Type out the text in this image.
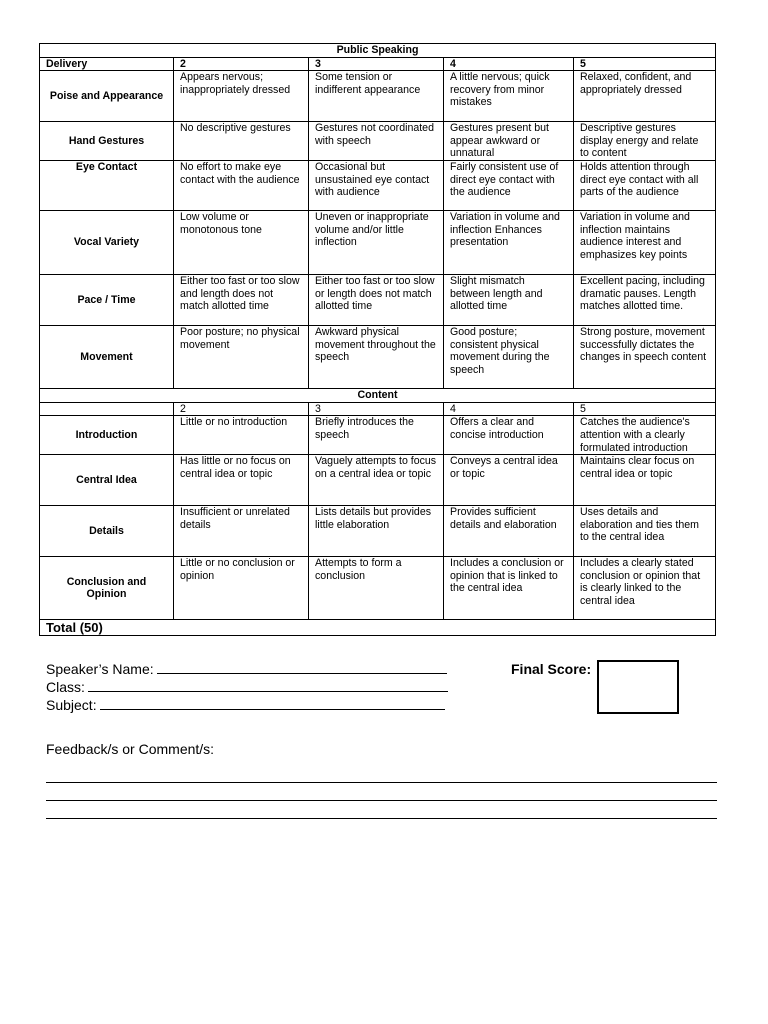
Public Speaking				
Delivery	2	3	4	5
Poise and Appearance	Appears nervous; inappropriately dressed	Some tension or indifferent appearance	A little nervous; quick recovery from minor mistakes	Relaxed, confident, and appropriately dressed
Hand Gestures	No descriptive gestures	Gestures not coordinated with speech	Gestures present but appear awkward or unnatural	Descriptive gestures display energy and relate to content
Eye Contact	No effort to make eye contact with the audience	Occasional but unsustained eye contact with audience	Fairly consistent use of direct eye contact with the audience	Holds attention through direct eye contact with all parts of the audience
Vocal Variety	Low volume or monotonous tone	Uneven or inappropriate volume and/or little inflection	Variation in volume and inflection Enhances presentation	Variation in volume and inflection maintains audience interest and emphasizes key points
Pace / Time	Either too fast or too slow and length does not match allotted time	Either too fast or too slow or length does not match allotted time	Slight mismatch between length and allotted time	Excellent pacing, including dramatic pauses. Length matches allotted time.
Movement	Poor posture; no physical movement	Awkward physical movement throughout the speech	Good posture; consistent physical movement during the speech	Strong posture, movement successfully dictates the changes in speech content
Content				
	2	3	4	5
Introduction	Little or no introduction	Briefly introduces the speech	Offers a clear and concise introduction	Catches the audience's attention with a clearly formulated introduction
Central Idea	Has little or no focus on central idea or topic	Vaguely attempts to focus on a central idea or topic	Conveys a central idea or topic	Maintains clear focus on central idea or topic
Details	Insufficient or unrelated details	Lists details but provides little elaboration	Provides sufficient details and elaboration	Uses details and elaboration and ties them to the central idea
Conclusion and Opinion	Little or no conclusion or opinion	Attempts to form a conclusion	Includes a conclusion or opinion that is linked to the central idea	Includes a clearly stated conclusion or opinion that is clearly linked to the central idea
Total (50)				
Speaker’s Name:
Class:
Subject:
Final Score:
Feedback/s or Comment/s:
